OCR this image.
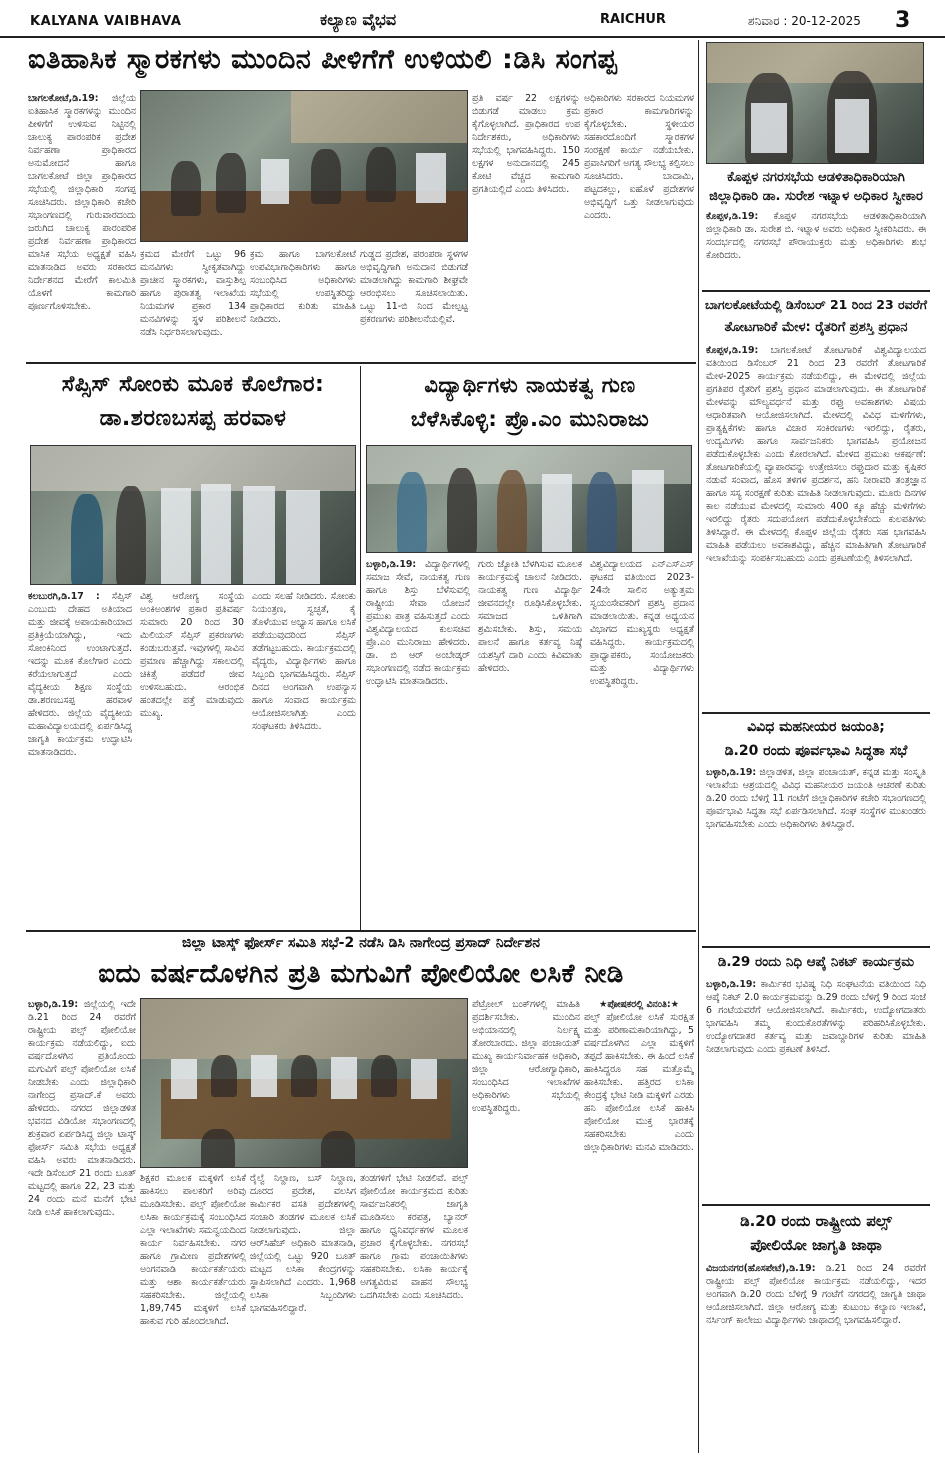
KALYANA VAIBHAVA	ಕಲ್ಯಾಣ ವೈಭವ	RAICHUR	ಶನಿವಾರ : 20-12-2025 3
ಐತಿಹಾಸಿಕ ಸ್ಮಾರಕಗಳು ಮುಂದಿನ ಪೀಳಿಗೆಗೆ ಉಳಿಯಲಿ :ಡಿಸಿ ಸಂಗಪ್ಪ
ಬಾಗಲಕೋಟೆ,ಡಿ.19: ಜಿಲ್ಲೆಯ ಐತಿಹಾಸಿಕ ಸ್ಮಾರಕಗಳನ್ನು ಮುಂದಿನ ಪೀಳಿಗೆಗೆ ಉಳಿಸುವ ನಿಟ್ಟಿನಲ್ಲಿ ಚಾಲುಕ್ಯ ಪಾರಂಪರಿಕ ಪ್ರದೇಶ ನಿರ್ವಹಣಾ ಪ್ರಾಧಿಕಾರದ ಅನುಮೋದನೆ ಹಾಗೂ ಬಾಗಲಕೋಟೆ ಜಿಲ್ಲಾ ಪ್ರಾಧಿಕಾರದ ಸಭೆಯಲ್ಲಿ ಜಿಲ್ಲಾಧಿಕಾರಿ ಸಂಗಪ್ಪ ಸೂಚಿಸಿದರು. ಜಿಲ್ಲಾಧಿಕಾರಿ ಕಚೇರಿ ಸಭಾಂಗಣದಲ್ಲಿ ಗುರುವಾರದಂದು ಜರುಗಿದ ಚಾಲುಕ್ಯ ಪಾರಂಪರಿಕ ಪ್ರದೇಶ ನಿರ್ವಹಣಾ ಪ್ರಾಧಿಕಾರದ ಮಾಸಿಕ ಸಭೆಯ ಅಧ್ಯಕ್ಷತೆ ವಹಿಸಿ ಮಾತನಾಡಿದ ಅವರು ಸರಕಾರದ ನಿರ್ದೇಶನದ ಮೇರೆಗೆ ಕಾಲಮಿತಿ ಯೊಳಗೆ ಕಾಮಗಾರಿ ಪೂರ್ಣಗೊಳಿಸಬೇಕು.
ಕ್ರಮದ ಮೇರೆಗೆ ಒಟ್ಟು 96 ಮನವಿಗಳು ಸ್ವೀಕೃತವಾಗಿದ್ದು ಪ್ರಾಚೀನ ಸ್ಮಾರಕಗಳು, ವಾಸ್ತುಶಿಲ್ಪ ಹಾಗೂ ಪುರಾತತ್ವ ಇಲಾಖೆಯ ನಿಯಮಗಳ ಪ್ರಕಾರ 134 ಮನವಿಗಳನ್ನು ಸ್ಥಳ ಪರಿಶೀಲನೆ ನಡೆಸಿ ನಿರ್ಧರಿಸಲಾಗುವುದು.
ಕ್ರಮ ಹಾಗೂ ಬಾಗಲಕೋಟೆ ಉಪವಿಭಾಗಾಧಿಕಾರಿಗಳು ಹಾಗೂ ಸಂಬಂಧಿಸಿದ ಅಧಿಕಾರಿಗಳು ಸಭೆಯಲ್ಲಿ ಉಪಸ್ಥಿತರಿದ್ದು ಪ್ರಾಧಿಕಾರದ ಕುರಿತು ಮಾಹಿತಿ ನೀಡಿದರು.
ಗುಡ್ಡದ ಪ್ರದೇಶ, ಪರಂಪರಾ ಸ್ಥಳಗಳ ಅಭಿವೃದ್ಧಿಗಾಗಿ ಅನುದಾನ ಬಿಡುಗಡೆ ಮಾಡಲಾಗಿದ್ದು ಕಾಮಗಾರಿ ಶೀಘ್ರವೇ ಆರಂಭಿಸಲು ಸೂಚಿಸಲಾಯಿತು. ಒಟ್ಟು 11-ಬಿ ನಿಂದ ಮೇಲ್ಪಟ್ಟ ಪ್ರಕರಣಗಳು ಪರಿಶೀಲನೆಯಲ್ಲಿವೆ.
ಪ್ರತಿ ವರ್ಷ 22 ಲಕ್ಷಗಳನ್ನು ಬಿಡುಗಡೆ ಮಾಡಲು ಕ್ರಮ ಕೈಗೊಳ್ಳಲಾಗಿದೆ. ಪ್ರಾಧಿಕಾರದ ಉಪ ನಿರ್ದೇಶಕರು, ಅಧಿಕಾರಿಗಳು ಸಭೆಯಲ್ಲಿ ಭಾಗವಹಿಸಿದ್ದರು. 150 ಲಕ್ಷಗಳ ಅನುದಾನದಲ್ಲಿ 245 ಕೋಟಿ ವೆಚ್ಚದ ಕಾಮಗಾರಿ ಪ್ರಗತಿಯಲ್ಲಿದೆ ಎಂದು ತಿಳಿಸಿದರು.
ಅಧಿಕಾರಿಗಳು ಸರಕಾರದ ನಿಯಮಗಳ ಪ್ರಕಾರ ಕಾಮಗಾರಿಗಳನ್ನು ಕೈಗೊಳ್ಳಬೇಕು. ಸ್ಥಳೀಯರ ಸಹಕಾರದೊಂದಿಗೆ ಸ್ಮಾರಕಗಳ ಸಂರಕ್ಷಣೆ ಕಾರ್ಯ ನಡೆಯಬೇಕು. ಪ್ರವಾಸಿಗರಿಗೆ ಅಗತ್ಯ ಸೌಲಭ್ಯ ಕಲ್ಪಿಸಲು ಸೂಚಿಸಿದರು. ಬಾದಾಮಿ, ಪಟ್ಟದಕಲ್ಲು, ಐಹೊಳೆ ಪ್ರದೇಶಗಳ ಅಭಿವೃದ್ಧಿಗೆ ಒತ್ತು ನೀಡಲಾಗುವುದು ಎಂದರು.
ಕೊಪ್ಪಳ ನಗರಸಭೆಯ ಆಡಳಿತಾಧಿಕಾರಿಯಾಗಿ ಜಿಲ್ಲಾಧಿಕಾರಿ ಡಾ. ಸುರೇಶ ಇಟ್ನಾಳ ಅಧಿಕಾರ ಸ್ವೀಕಾರ
ಕೊಪ್ಪಳ,ಡಿ.19: ಕೊಪ್ಪಳ ನಗರಸಭೆಯ ಆಡಳಿತಾಧಿಕಾರಿಯಾಗಿ ಜಿಲ್ಲಾಧಿಕಾರಿ ಡಾ. ಸುರೇಶ ಬಿ. ಇಟ್ನಾಳ ಅವರು ಅಧಿಕಾರ ಸ್ವೀಕರಿಸಿದರು. ಈ ಸಂದರ್ಭದಲ್ಲಿ ನಗರಸಭೆ ಪೌರಾಯುಕ್ತರು ಮತ್ತು ಅಧಿಕಾರಿಗಳು ಶುಭ ಕೋರಿದರು.
ಬಾಗಲಕೋಟೆಯಲ್ಲಿ ಡಿಸೆಂಬರ್ 21 ರಿಂದ 23 ರವರೆಗೆ
ತೋಟಗಾರಿಕೆ ಮೇಳ: ರೈತರಿಗೆ ಪ್ರಶಸ್ತಿ ಪ್ರಧಾನ
ಕೊಪ್ಪಳ,ಡಿ.19: ಬಾಗಲಕೋಟೆ ತೋಟಗಾರಿಕೆ ವಿಶ್ವವಿದ್ಯಾಲಯದ ವತಿಯಿಂದ ಡಿಸೆಂಬರ್ 21 ರಿಂದ 23 ರವರೆಗೆ ತೋಟಗಾರಿಕೆ ಮೇಳ-2025 ಕಾರ್ಯಕ್ರಮ ನಡೆಯಲಿದ್ದು, ಈ ಮೇಳದಲ್ಲಿ ಜಿಲ್ಲೆಯ ಪ್ರಗತಿಪರ ರೈತರಿಗೆ ಪ್ರಶಸ್ತಿ ಪ್ರಧಾನ ಮಾಡಲಾಗುವುದು. ಈ ತೋಟಗಾರಿಕೆ ಮೇಳವನ್ನು ಮೌಲ್ಯವರ್ಧನೆ ಮತ್ತು ರಫ್ತು ಅವಕಾಶಗಳು ವಿಷಯ ಆಧಾರಿತವಾಗಿ ಆಯೋಜಿಸಲಾಗಿದೆ. ಮೇಳದಲ್ಲಿ ವಿವಿಧ ಮಳಿಗೆಗಳು, ಪ್ರಾತ್ಯಕ್ಷಿಕೆಗಳು ಹಾಗೂ ವಿಚಾರ ಸಂಕಿರಣಗಳು ಇರಲಿದ್ದು, ರೈತರು, ಉದ್ಯಮಿಗಳು ಹಾಗೂ ಸಾರ್ವಜನಿಕರು ಭಾಗವಹಿಸಿ ಪ್ರಯೋಜನ ಪಡೆದುಕೊಳ್ಳಬೇಕು ಎಂದು ಕೋರಲಾಗಿದೆ. ಮೇಳದ ಪ್ರಮುಖ ಆಕರ್ಷಣೆ: ತೋಟಗಾರಿಕೆಯಲ್ಲಿ ವ್ಯಾಪಾರವನ್ನು ಉತ್ತೇಜಿಸಲು ರಫ್ತುದಾರ ಮತ್ತು ಕೃಷಿಕರ ನಡುವೆ ಸಂವಾದ, ಹೊಸ ತಳಿಗಳ ಪ್ರದರ್ಶನ, ಹನಿ ನೀರಾವರಿ ತಂತ್ರಜ್ಞಾನ ಹಾಗೂ ಸಸ್ಯ ಸಂರಕ್ಷಣೆ ಕುರಿತು ಮಾಹಿತಿ ನೀಡಲಾಗುವುದು. ಮೂರು ದಿನಗಳ ಕಾಲ ನಡೆಯುವ ಮೇಳದಲ್ಲಿ ಸುಮಾರು 400 ಕ್ಕೂ ಹೆಚ್ಚು ಮಳಿಗೆಗಳು ಇರಲಿದ್ದು ರೈತರು ಸದುಪಯೋಗ ಪಡೆದುಕೊಳ್ಳಬೇಕೆಂದು ಕುಲಪತಿಗಳು ತಿಳಿಸಿದ್ದಾರೆ. ಈ ಮೇಳದಲ್ಲಿ ಕೊಪ್ಪಳ ಜಿಲ್ಲೆಯ ರೈತರು ಸಹ ಭಾಗವಹಿಸಿ ಮಾಹಿತಿ ಪಡೆಯಲು ಅವಕಾಶವಿದ್ದು, ಹೆಚ್ಚಿನ ಮಾಹಿತಿಗಾಗಿ ತೋಟಗಾರಿಕೆ ಇಲಾಖೆಯನ್ನು ಸಂಪರ್ಕಿಸಬಹುದು ಎಂದು ಪ್ರಕಟಣೆಯಲ್ಲಿ ತಿಳಿಸಲಾಗಿದೆ.
ಸೆಪ್ಸಿಸ್ ಸೋಂಕು ಮೂಕ ಕೊಲೆಗಾರ:
ಡಾ.ಶರಣಬಸಪ್ಪ ಹರವಾಳ
ಕಲಬುರಗಿ,ಡಿ.17 : ಸೆಪ್ಸಿಸ್ ಎಂಬುದು ದೇಹದ ಅತಿಯಾದ ಮತ್ತು ಜೀವಕ್ಕೆ ಅಪಾಯಕಾರಿಯಾದ ಪ್ರತಿಕ್ರಿಯೆಯಾಗಿದ್ದು, ಇದು ಸೋಂಕಿನಿಂದ ಉಂಟಾಗುತ್ತದೆ. ಇದನ್ನು ಮೂಕ ಕೊಲೆಗಾರ ಎಂದು ಕರೆಯಲಾಗುತ್ತದೆ ಎಂದು ವೈದ್ಯಕೀಯ ಶಿಕ್ಷಣ ಸಂಸ್ಥೆಯ ಡಾ.ಶರಣಬಸಪ್ಪ ಹರವಾಳ ಹೇಳಿದರು. ಜಿಲ್ಲೆಯ ವೈದ್ಯಕೀಯ ಮಹಾವಿದ್ಯಾಲಯದಲ್ಲಿ ಏರ್ಪಡಿಸಿದ್ದ ಜಾಗೃತಿ ಕಾರ್ಯಕ್ರಮ ಉದ್ಘಾಟಿಸಿ ಮಾತನಾಡಿದರು.
ವಿಶ್ವ ಆರೋಗ್ಯ ಸಂಸ್ಥೆಯ ಅಂಕಿಅಂಶಗಳ ಪ್ರಕಾರ ಪ್ರತಿವರ್ಷ ಸುಮಾರು 20 ರಿಂದ 30 ಮಿಲಿಯನ್ ಸೆಪ್ಸಿಸ್ ಪ್ರಕರಣಗಳು ಕಂಡುಬರುತ್ತವೆ. ಇವುಗಳಲ್ಲಿ ಸಾವಿನ ಪ್ರಮಾಣ ಹೆಚ್ಚಾಗಿದ್ದು ಸಕಾಲದಲ್ಲಿ ಚಿಕಿತ್ಸೆ ಪಡೆದರೆ ಜೀವ ಉಳಿಸಬಹುದು. ಆರಂಭಿಕ ಹಂತದಲ್ಲೇ ಪತ್ತೆ ಮಾಡುವುದು ಮುಖ್ಯ.
ಎಂದು ಸಲಹೆ ನೀಡಿದರು. ಸೋಂಕು ನಿಯಂತ್ರಣ, ಸ್ವಚ್ಛತೆ, ಕೈ ತೊಳೆಯುವ ಅಭ್ಯಾಸ ಹಾಗೂ ಲಸಿಕೆ ಪಡೆಯುವುದರಿಂದ ಸೆಪ್ಸಿಸ್ ತಡೆಗಟ್ಟಬಹುದು. ಕಾರ್ಯಕ್ರಮದಲ್ಲಿ ವೈದ್ಯರು, ವಿದ್ಯಾರ್ಥಿಗಳು ಹಾಗೂ ಸಿಬ್ಬಂದಿ ಭಾಗವಹಿಸಿದ್ದರು. ಸೆಪ್ಸಿಸ್ ದಿನದ ಅಂಗವಾಗಿ ಉಪನ್ಯಾಸ ಹಾಗೂ ಸಂವಾದ ಕಾರ್ಯಕ್ರಮ ಆಯೋಜಿಸಲಾಗಿತ್ತು ಎಂದು ಸಂಘಟಕರು ತಿಳಿಸಿದರು.
ವಿದ್ಯಾರ್ಥಿಗಳು ನಾಯಕತ್ವ ಗುಣ
ಬೆಳೆಸಿಕೊಳ್ಳಿ: ಪ್ರೊ.ಎಂ ಮುನಿರಾಜು
ಬಳ್ಳಾರಿ,ಡಿ.19: ವಿದ್ಯಾರ್ಥಿಗಳಲ್ಲಿ ಸಮಾಜ ಸೇವೆ, ನಾಯಕತ್ವ ಗುಣ ಹಾಗೂ ಶಿಸ್ತು ಬೆಳೆಸುವಲ್ಲಿ ರಾಷ್ಟ್ರೀಯ ಸೇವಾ ಯೋಜನೆ ಪ್ರಮುಖ ಪಾತ್ರ ವಹಿಸುತ್ತದೆ ಎಂದು ವಿಶ್ವವಿದ್ಯಾಲಯದ ಕುಲಸಚಿವ ಪ್ರೊ.ಎಂ ಮುನಿರಾಜು ಹೇಳಿದರು. ಡಾ. ಬಿ ಆರ್ ಅಂಬೇಡ್ಕರ್ ಸಭಾಂಗಣದಲ್ಲಿ ನಡೆದ ಕಾರ್ಯಕ್ರಮ ಉದ್ಘಾಟಿಸಿ ಮಾತನಾಡಿದರು.
ಗುರು ಜ್ಯೋತಿ ಬೆಳಗಿಸುವ ಮೂಲಕ ಕಾರ್ಯಕ್ರಮಕ್ಕೆ ಚಾಲನೆ ನೀಡಿದರು. ನಾಯಕತ್ವ ಗುಣ ವಿದ್ಯಾರ್ಥಿ ಜೀವನದಲ್ಲೇ ರೂಢಿಸಿಕೊಳ್ಳಬೇಕು. ಸಮಾಜದ ಒಳಿತಿಗಾಗಿ ಶ್ರಮಿಸಬೇಕು. ಶಿಸ್ತು, ಸಮಯ ಪಾಲನೆ ಹಾಗೂ ಕರ್ತವ್ಯ ನಿಷ್ಠೆ ಯಶಸ್ಸಿಗೆ ದಾರಿ ಎಂದು ಕಿವಿಮಾತು ಹೇಳಿದರು.
ವಿಶ್ವವಿದ್ಯಾಲಯದ ಎನ್‌ಎಸ್‌ಎಸ್ ಘಟಕದ ವತಿಯಿಂದ 2023-24ನೇ ಸಾಲಿನ ಅತ್ಯುತ್ತಮ ಸ್ವಯಂಸೇವಕರಿಗೆ ಪ್ರಶಸ್ತಿ ಪ್ರದಾನ ಮಾಡಲಾಯಿತು. ಕನ್ನಡ ಅಧ್ಯಯನ ವಿಭಾಗದ ಮುಖ್ಯಸ್ಥರು ಅಧ್ಯಕ್ಷತೆ ವಹಿಸಿದ್ದರು. ಕಾರ್ಯಕ್ರಮದಲ್ಲಿ ಪ್ರಾಧ್ಯಾಪಕರು, ಸಂಯೋಜಕರು ಮತ್ತು ವಿದ್ಯಾರ್ಥಿಗಳು ಉಪಸ್ಥಿತರಿದ್ದರು.
ವಿವಿಧ ಮಹನೀಯರ ಜಯಂತಿ;
ಡಿ.20 ರಂದು ಪೂರ್ವಭಾವಿ ಸಿದ್ಧತಾ ಸಭೆ
ಬಳ್ಳಾರಿ,ಡಿ.19: ಜಿಲ್ಲಾಡಳಿತ, ಜಿಲ್ಲಾ ಪಂಚಾಯತ್, ಕನ್ನಡ ಮತ್ತು ಸಂಸ್ಕೃತಿ ಇಲಾಖೆಯ ಆಶ್ರಯದಲ್ಲಿ ವಿವಿಧ ಮಹನೀಯರ ಜಯಂತಿ ಆಚರಣೆ ಕುರಿತು ಡಿ.20 ರಂದು ಬೆಳಿಗ್ಗೆ 11 ಗಂಟೆಗೆ ಜಿಲ್ಲಾಧಿಕಾರಿಗಳ ಕಚೇರಿ ಸಭಾಂಗಣದಲ್ಲಿ ಪೂರ್ವಭಾವಿ ಸಿದ್ಧತಾ ಸಭೆ ಏರ್ಪಡಿಸಲಾಗಿದೆ. ಸಂಘ ಸಂಸ್ಥೆಗಳ ಮುಖಂಡರು ಭಾಗವಹಿಸಬೇಕು ಎಂದು ಅಧಿಕಾರಿಗಳು ತಿಳಿಸಿದ್ದಾರೆ.
ಡಿ.29 ರಂದು ನಿಧಿ ಆಪ್ಕೆ ನಿಕಟ್ ಕಾರ್ಯಕ್ರಮ
ಬಳ್ಳಾರಿ,ಡಿ.19: ಕಾರ್ಮಿಕರ ಭವಿಷ್ಯ ನಿಧಿ ಸಂಘಟನೆಯ ವತಿಯಿಂದ ನಿಧಿ ಆಪ್ಕೆ ನಿಕಟ್ 2.0 ಕಾರ್ಯಕ್ರಮವನ್ನು ಡಿ.29 ರಂದು ಬೆಳಿಗ್ಗೆ 9 ರಿಂದ ಸಂಜೆ 6 ಗಂಟೆಯವರೆಗೆ ಆಯೋಜಿಸಲಾಗಿದೆ. ಕಾರ್ಮಿಕರು, ಉದ್ಯೋಗದಾತರು ಭಾಗವಹಿಸಿ ತಮ್ಮ ಕುಂದುಕೊರತೆಗಳನ್ನು ಪರಿಹರಿಸಿಕೊಳ್ಳಬೇಕು. ಉದ್ಯೋಗದಾತರ ಕರ್ತವ್ಯ ಮತ್ತು ಜವಾಬ್ದಾರಿಗಳ ಕುರಿತು ಮಾಹಿತಿ ನೀಡಲಾಗುವುದು ಎಂದು ಪ್ರಕಟಣೆ ತಿಳಿಸಿದೆ.
ಡಿ.20 ರಂದು ರಾಷ್ಟ್ರೀಯ ಪಲ್ಸ್
ಪೋಲಿಯೋ ಜಾಗೃತಿ ಜಾಥಾ
ವಿಜಯನಗರ(ಹೊಸಪೇಟೆ),ಡಿ.19: ಡಿ.21 ರಿಂದ 24 ರವರೆಗೆ ರಾಷ್ಟ್ರೀಯ ಪಲ್ಸ್ ಪೋಲಿಯೋ ಕಾರ್ಯಕ್ರಮ ನಡೆಯಲಿದ್ದು, ಇದರ ಅಂಗವಾಗಿ ಡಿ.20 ರಂದು ಬೆಳಿಗ್ಗೆ 9 ಗಂಟೆಗೆ ನಗರದಲ್ಲಿ ಜಾಗೃತಿ ಜಾಥಾ ಆಯೋಜಿಸಲಾಗಿದೆ. ಜಿಲ್ಲಾ ಆರೋಗ್ಯ ಮತ್ತು ಕುಟುಂಬ ಕಲ್ಯಾಣ ಇಲಾಖೆ, ನರ್ಸಿಂಗ್ ಕಾಲೇಜು ವಿದ್ಯಾರ್ಥಿಗಳು ಜಾಥಾದಲ್ಲಿ ಭಾಗವಹಿಸಲಿದ್ದಾರೆ.
ಜಿಲ್ಲಾ ಟಾಸ್ಕ್ ಫೋರ್ಸ್ ಸಮಿತಿ ಸಭೆ-2 ನಡೆಸಿ ಡಿಸಿ ನಾಗೇಂದ್ರ ಪ್ರಸಾದ್ ನಿರ್ದೇಶನ
ಐದು ವರ್ಷದೊಳಗಿನ ಪ್ರತಿ ಮಗುವಿಗೆ ಪೋಲಿಯೋ ಲಸಿಕೆ ನೀಡಿ
ಬಳ್ಳಾರಿ,ಡಿ.19: ಜಿಲ್ಲೆಯಲ್ಲಿ ಇದೇ ಡಿ.21 ರಿಂದ 24 ರವರೆಗೆ ರಾಷ್ಟ್ರೀಯ ಪಲ್ಸ್ ಪೋಲಿಯೋ ಕಾರ್ಯಕ್ರಮ ನಡೆಯಲಿದ್ದು, ಐದು ವರ್ಷದೊಳಗಿನ ಪ್ರತಿಯೊಂದು ಮಗುವಿಗೆ ಪಲ್ಸ್ ಪೋಲಿಯೋ ಲಸಿಕೆ ನೀಡಬೇಕು ಎಂದು ಜಿಲ್ಲಾಧಿಕಾರಿ ನಾಗೇಂದ್ರ ಪ್ರಸಾದ್.ಕೆ ಅವರು ಹೇಳಿದರು. ನಗರದ ಜಿಲ್ಲಾಡಳಿತ ಭವನದ ವಿಡಿಯೋ ಸಭಾಂಗಣದಲ್ಲಿ ಶುಕ್ರವಾರ ಏರ್ಪಡಿಸಿದ್ದ ಜಿಲ್ಲಾ ಟಾಸ್ಕ್ ಫೋರ್ಸ್ ಸಮಿತಿ ಸಭೆಯ ಅಧ್ಯಕ್ಷತೆ ವಹಿಸಿ ಅವರು ಮಾತನಾಡಿದರು. ಇದೇ ಡಿಸೆಂಬರ್ 21 ರಂದು ಬೂತ್ ಮಟ್ಟದಲ್ಲಿ ಹಾಗೂ 22, 23 ಮತ್ತು 24 ರಂದು ಮನೆ ಮನೆಗೆ ಭೇಟಿ ನೀಡಿ ಲಸಿಕೆ ಹಾಕಲಾಗುವುದು.
ಶಿಕ್ಷಕರ ಮೂಲಕ ಮಕ್ಕಳಿಗೆ ಲಸಿಕೆ ಹಾಕಿಸಲು ಪಾಲಕರಿಗೆ ಅರಿವು ಮೂಡಿಸಬೇಕು. ಪಲ್ಸ್ ಪೋಲಿಯೋ ಲಸಿಕಾ ಕಾರ್ಯಕ್ರಮಕ್ಕೆ ಸಂಬಂಧಿಸಿದ ಎಲ್ಲಾ ಇಲಾಖೆಗಳು ಸಮನ್ವಯದಿಂದ ಕಾರ್ಯ ನಿರ್ವಹಿಸಬೇಕು. ನಗರ ಹಾಗೂ ಗ್ರಾಮೀಣ ಪ್ರದೇಶಗಳಲ್ಲಿ ಅಂಗನವಾಡಿ ಕಾರ್ಯಕರ್ತೆಯರು ಮತ್ತು ಆಶಾ ಕಾರ್ಯಕರ್ತೆಯರು ಸಹಕರಿಸಬೇಕು. ಜಿಲ್ಲೆಯಲ್ಲಿ 1,89,745 ಮಕ್ಕಳಿಗೆ ಲಸಿಕೆ ಹಾಕುವ ಗುರಿ ಹೊಂದಲಾಗಿದೆ.
ರೈಲ್ವೆ ನಿಲ್ದಾಣ, ಬಸ್ ನಿಲ್ದಾಣ, ದೂರದ ಪ್ರದೇಶ, ವಲಸಿಗ ಕಾರ್ಮಿಕರ ವಸತಿ ಪ್ರದೇಶಗಳಲ್ಲಿ ಸಂಚಾರಿ ತಂಡಗಳ ಮೂಲಕ ಲಸಿಕೆ ನೀಡಲಾಗುವುದು. ಜಿಲ್ಲಾ ಆರ್‌ಸಿಹೆಚ್ ಅಧಿಕಾರಿ ಮಾತನಾಡಿ, ಜಿಲ್ಲೆಯಲ್ಲಿ ಒಟ್ಟು 920 ಬೂತ್ ಮಟ್ಟದ ಲಸಿಕಾ ಕೇಂದ್ರಗಳನ್ನು ಸ್ಥಾಪಿಸಲಾಗಿದೆ ಎಂದರು. 1,968 ಲಸಿಕಾ ಸಿಬ್ಬಂದಿಗಳು ಭಾಗವಹಿಸಲಿದ್ದಾರೆ.
ತಂಡಗಳಿಗೆ ಭೇಟಿ ನೀಡಲಿವೆ. ಪಲ್ಸ್ ಪೋಲಿಯೋ ಕಾರ್ಯಕ್ರಮದ ಕುರಿತು ಸಾರ್ವಜನಿಕರಲ್ಲಿ ಜಾಗೃತಿ ಮೂಡಿಸಲು ಕರಪತ್ರ, ಬ್ಯಾನರ್ ಹಾಗೂ ಧ್ವನಿವರ್ಧಕಗಳ ಮೂಲಕ ಪ್ರಚಾರ ಕೈಗೊಳ್ಳಬೇಕು. ನಗರಸಭೆ ಹಾಗೂ ಗ್ರಾಮ ಪಂಚಾಯಿತಿಗಳು ಸಹಕರಿಸಬೇಕು. ಲಸಿಕಾ ಕಾರ್ಯಕ್ಕೆ ಅಗತ್ಯವಿರುವ ವಾಹನ ಸೌಲಭ್ಯ ಒದಗಿಸಬೇಕು ಎಂದು ಸೂಚಿಸಿದರು.
ಪೆಟ್ರೋಲ್ ಬಂಕ್‌ಗಳಲ್ಲಿ ಮಾಹಿತಿ ಪ್ರದರ್ಶಿಸಬೇಕು. ಮುಂದಿನ ಅಭಿಯಾನದಲ್ಲಿ ನಿರ್ಲಕ್ಷ್ಯ ತೋರಬಾರದು. ಜಿಲ್ಲಾ ಪಂಚಾಯತ್ ಮುಖ್ಯ ಕಾರ್ಯನಿರ್ವಾಹಕ ಅಧಿಕಾರಿ, ಜಿಲ್ಲಾ ಆರೋಗ್ಯಾಧಿಕಾರಿ, ಸಂಬಂಧಿಸಿದ ಇಲಾಖೆಗಳ ಅಧಿಕಾರಿಗಳು ಸಭೆಯಲ್ಲಿ ಉಪಸ್ಥಿತರಿದ್ದರು.
★ಪೋಷಕರಲ್ಲಿ ವಿನಂತಿ:★
ಪಲ್ಸ್ ಪೋಲಿಯೋ ಲಸಿಕೆ ಸುರಕ್ಷಿತ ಮತ್ತು ಪರಿಣಾಮಕಾರಿಯಾಗಿದ್ದು, 5 ವರ್ಷದೊಳಗಿನ ಎಲ್ಲಾ ಮಕ್ಕಳಿಗೆ ತಪ್ಪದೆ ಹಾಕಿಸಬೇಕು. ಈ ಹಿಂದೆ ಲಸಿಕೆ ಹಾಕಿಸಿದ್ದರೂ ಸಹ ಮತ್ತೊಮ್ಮೆ ಹಾಕಿಸಬೇಕು. ಹತ್ತಿರದ ಲಸಿಕಾ ಕೇಂದ್ರಕ್ಕೆ ಭೇಟಿ ನೀಡಿ ಮಕ್ಕಳಿಗೆ ಎರಡು ಹನಿ ಪೋಲಿಯೋ ಲಸಿಕೆ ಹಾಕಿಸಿ ಪೋಲಿಯೋ ಮುಕ್ತ ಭಾರತಕ್ಕೆ ಸಹಕರಿಸಬೇಕು ಎಂದು ಜಿಲ್ಲಾಧಿಕಾರಿಗಳು ಮನವಿ ಮಾಡಿದರು.
